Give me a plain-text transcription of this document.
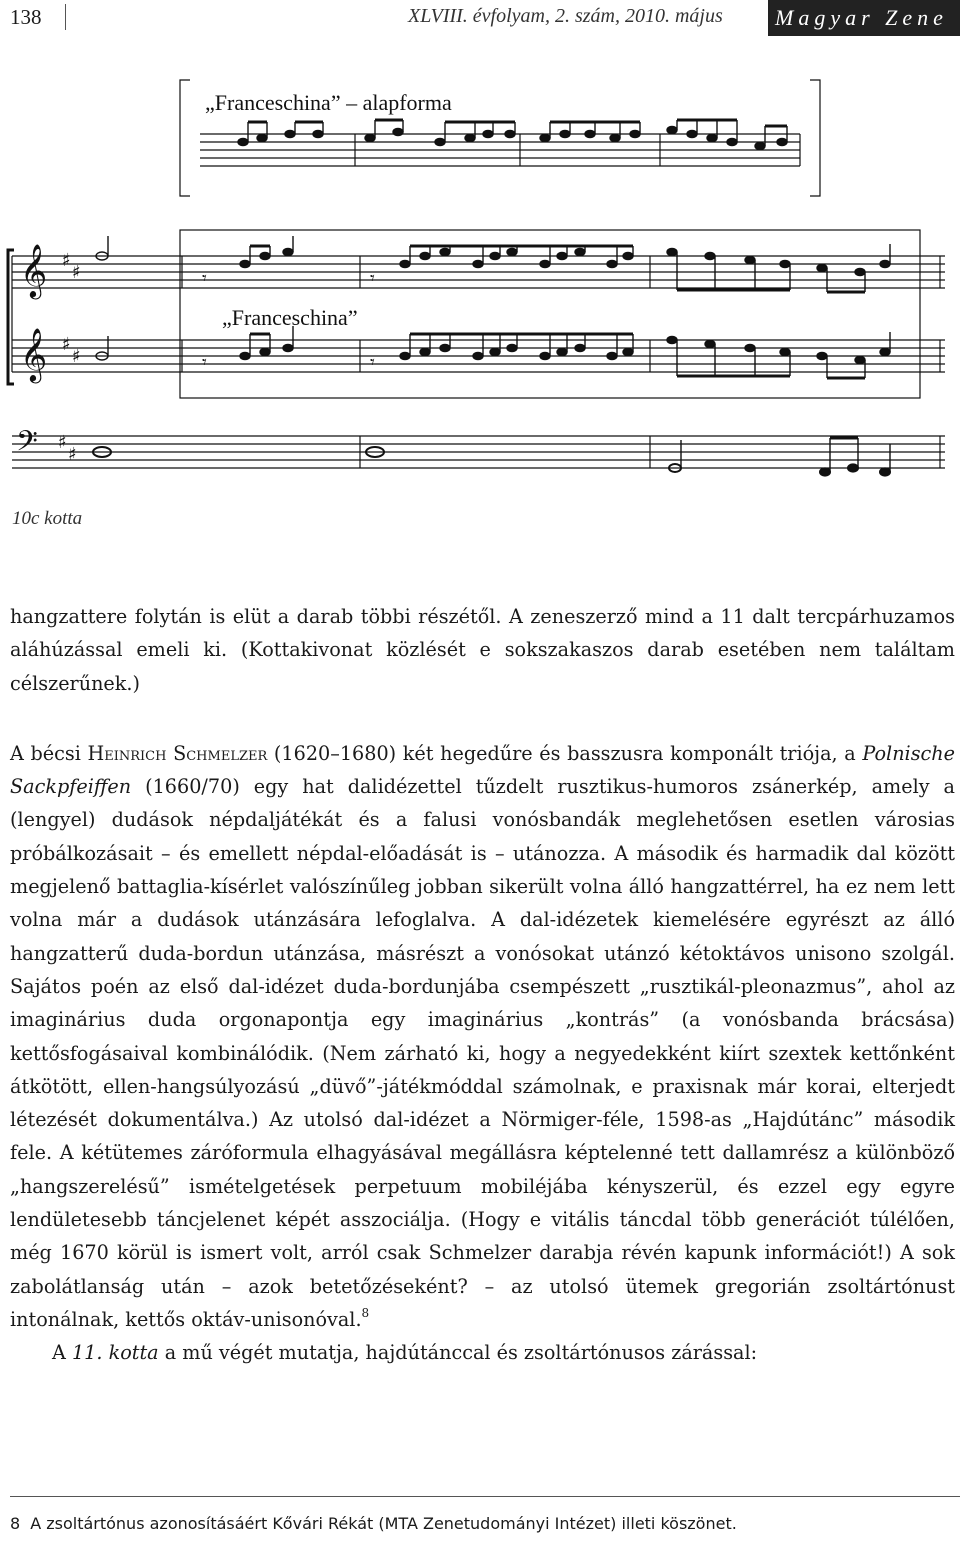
138	XLVIII. évfolyam, 2. szám, 2010. május	Magyar Zene
𝄞
𝄞
𝄢
♯
♯
♯
♯
♯
♯
𝄾	𝄾
„Franceschina”
𝄾	𝄾
„Franceschina” – alapforma
10c kotta

hangzattere folytán is elüt a darab többi részétől. A zeneszerző mind a 11 dalt tercpárhuzamos aláhúzással emeli ki. (Kottakivonat közlését e sokszakaszos darab esetében nem találtam célszerűnek.)

A bécsi Heinrich Schmelzer (1620–1680) két hegedűre és basszusra komponált triója, a Polnische Sackpfeiffen (1660/70) egy hat dalidézettel tűzdelt rusztikus-humoros zsánerkép, amely a (lengyel) dudások népdaljátékát és a falusi vonósbandák meglehetősen esetlen városias próbálkozásait – és emellett népdal-előadását is – utánozza. A második és harmadik dal között megjelenő battaglia-kísérlet valószínűleg jobban sikerült volna álló hangzattérrel, ha ez nem lett volna már a dudások utánzására lefoglalva. A dal-idézetek kiemelésére egyrészt az álló hangzatterű duda-bordun utánzása, másrészt a vonósokat utánzó kétoktávos unisono szolgál. Sajátos poén az első dal-idézet duda-bordunjába csempészett „rusztikál-pleonazmus”, ahol az imaginárius duda orgonapontja egy imaginárius „kontrás” (a vonósbanda brácsása) kettősfogásaival kombinálódik. (Nem zárható ki, hogy a negyedekként kiírt szextek kettőnként átkötött, ellen-hangsúlyozású „düvő”-játékmóddal számolnak, e praxisnak már korai, elterjedt létezését dokumentálva.) Az utolsó dal-idézet a Nörmiger-féle, 1598-as „Hajdútánc” második fele. A kétütemes záróformula elhagyásával megállásra képtelenné tett dallamrész a különböző „hangszerelésű” ismételgetések perpetuum mobiléjába kényszerül, és ezzel egy egyre lendületesebb táncjelenet képét asszociálja. (Hogy e vitális táncdal több generációt túlélően, még 1670 körül is ismert volt, arról csak Schmelzer darabja révén kapunk információt!) A sok zabolátlanság után – azok betetőzéseként? – az utolsó ütemek gregorián zsoltártónust intonálnak, kettős oktáv-unisonóval.$^8$

A 11. kotta a mű végét mutatja, hajdútánccal és zsoltártónusos zárással:

8 A zsoltártónus azonosításáért Kővári Rékát (MTA Zenetudományi Intézet) illeti köszönet.
